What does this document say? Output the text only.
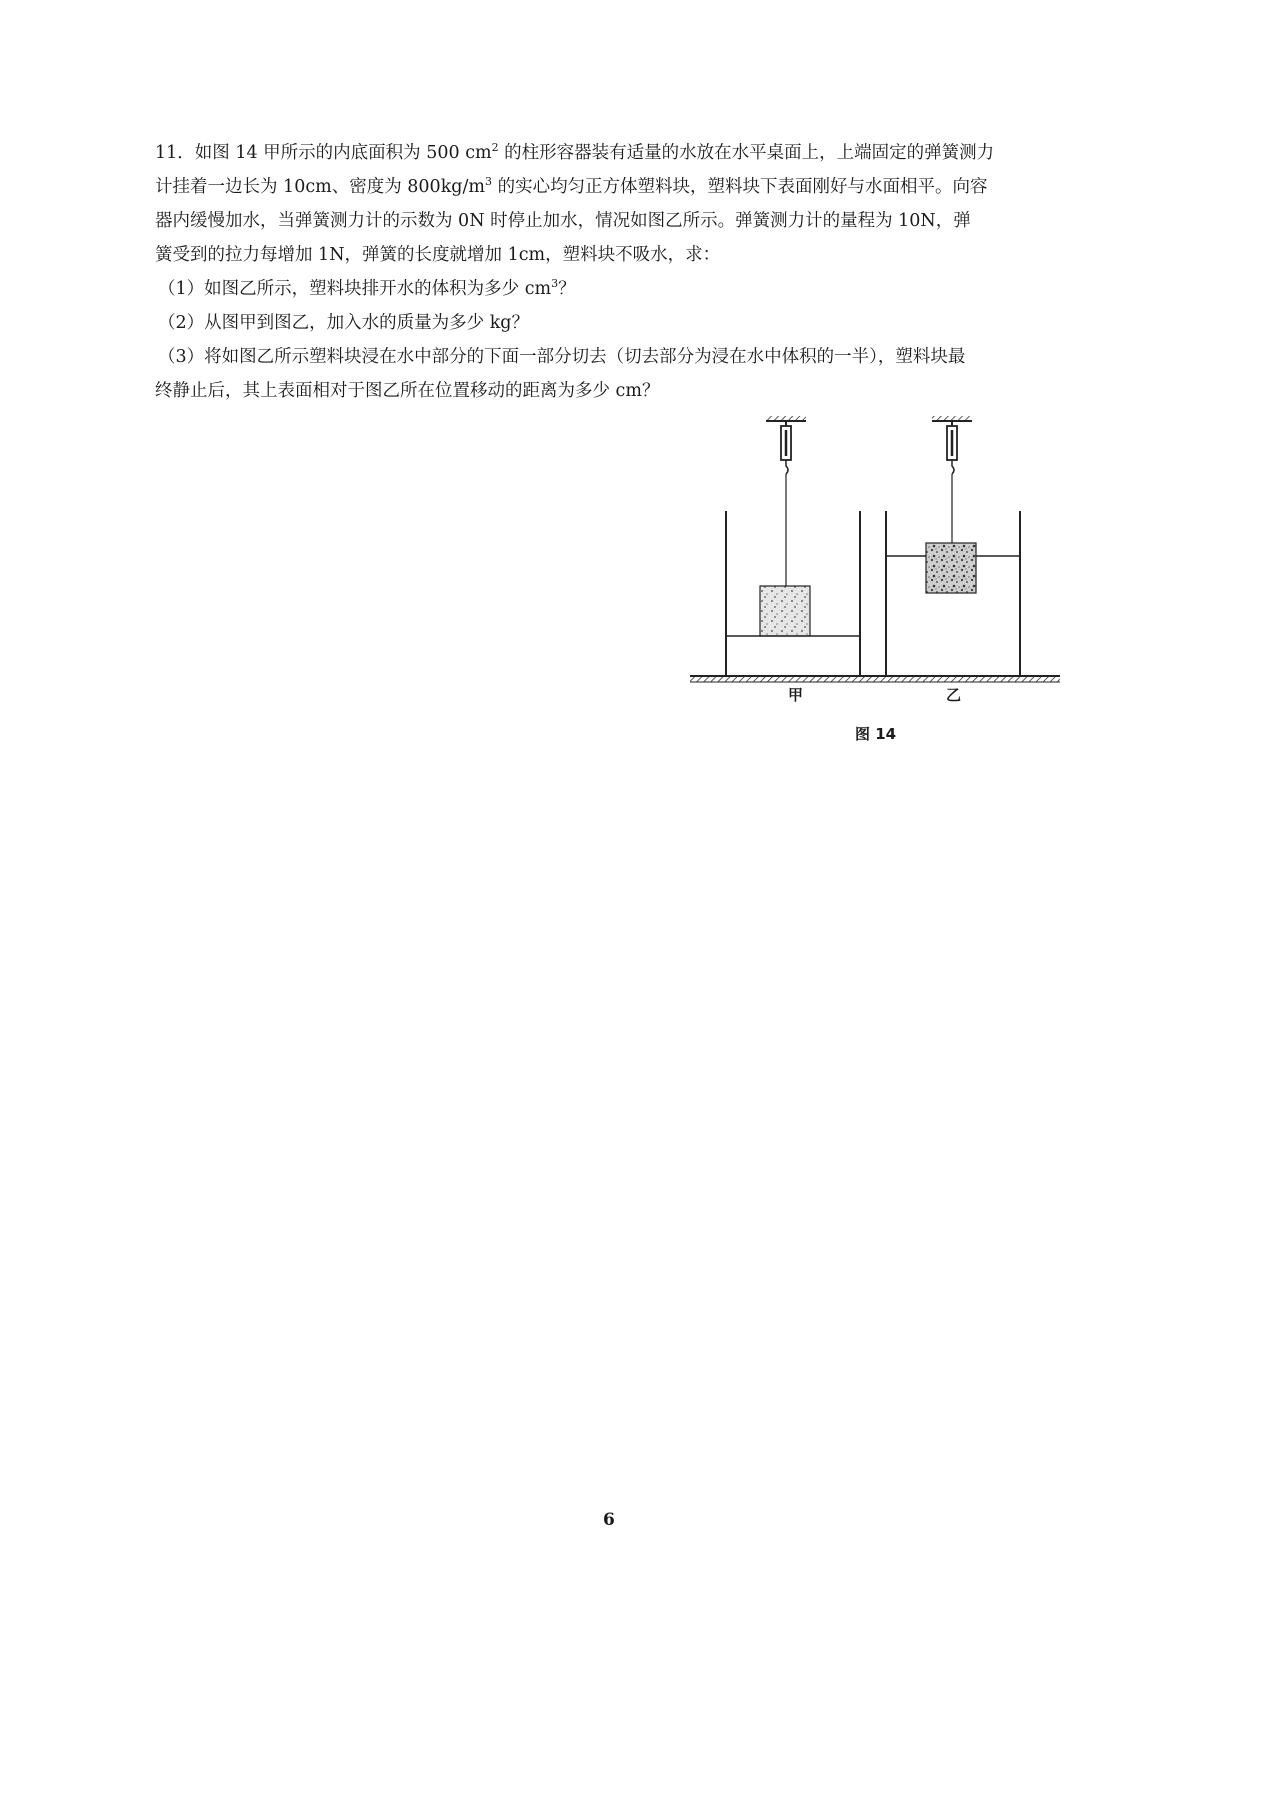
11．如图 14 甲所示的内底面积为 500 $cm^2$ 的柱形容器装有适量的水放在水平桌面上，上端固定的弹簧测力
计挂着一边长为 10cm、密度为 $800kg/m^3$ 的实心均匀正方体塑料块，塑料块下表面刚好与水面相平。向容
器内缓慢加水，当弹簧测力计的示数为 0N 时停止加水，情况如图乙所示。弹簧测力计的量程为 10N，弹
簧受到的拉力每增加 1N，弹簧的长度就增加 1cm，塑料块不吸水，求：
（1）如图乙所示，塑料块排开水的体积为多少 $cm^3$？
（2）从图甲到图乙，加入水的质量为多少 kg？
（3）将如图乙所示塑料块浸在水中部分的下面一部分切去（切去部分为浸在水中体积的一半），塑料块最
终静止后，其上表面相对于图乙所在位置移动的距离为多少 cm？
甲	乙
图 14
6
